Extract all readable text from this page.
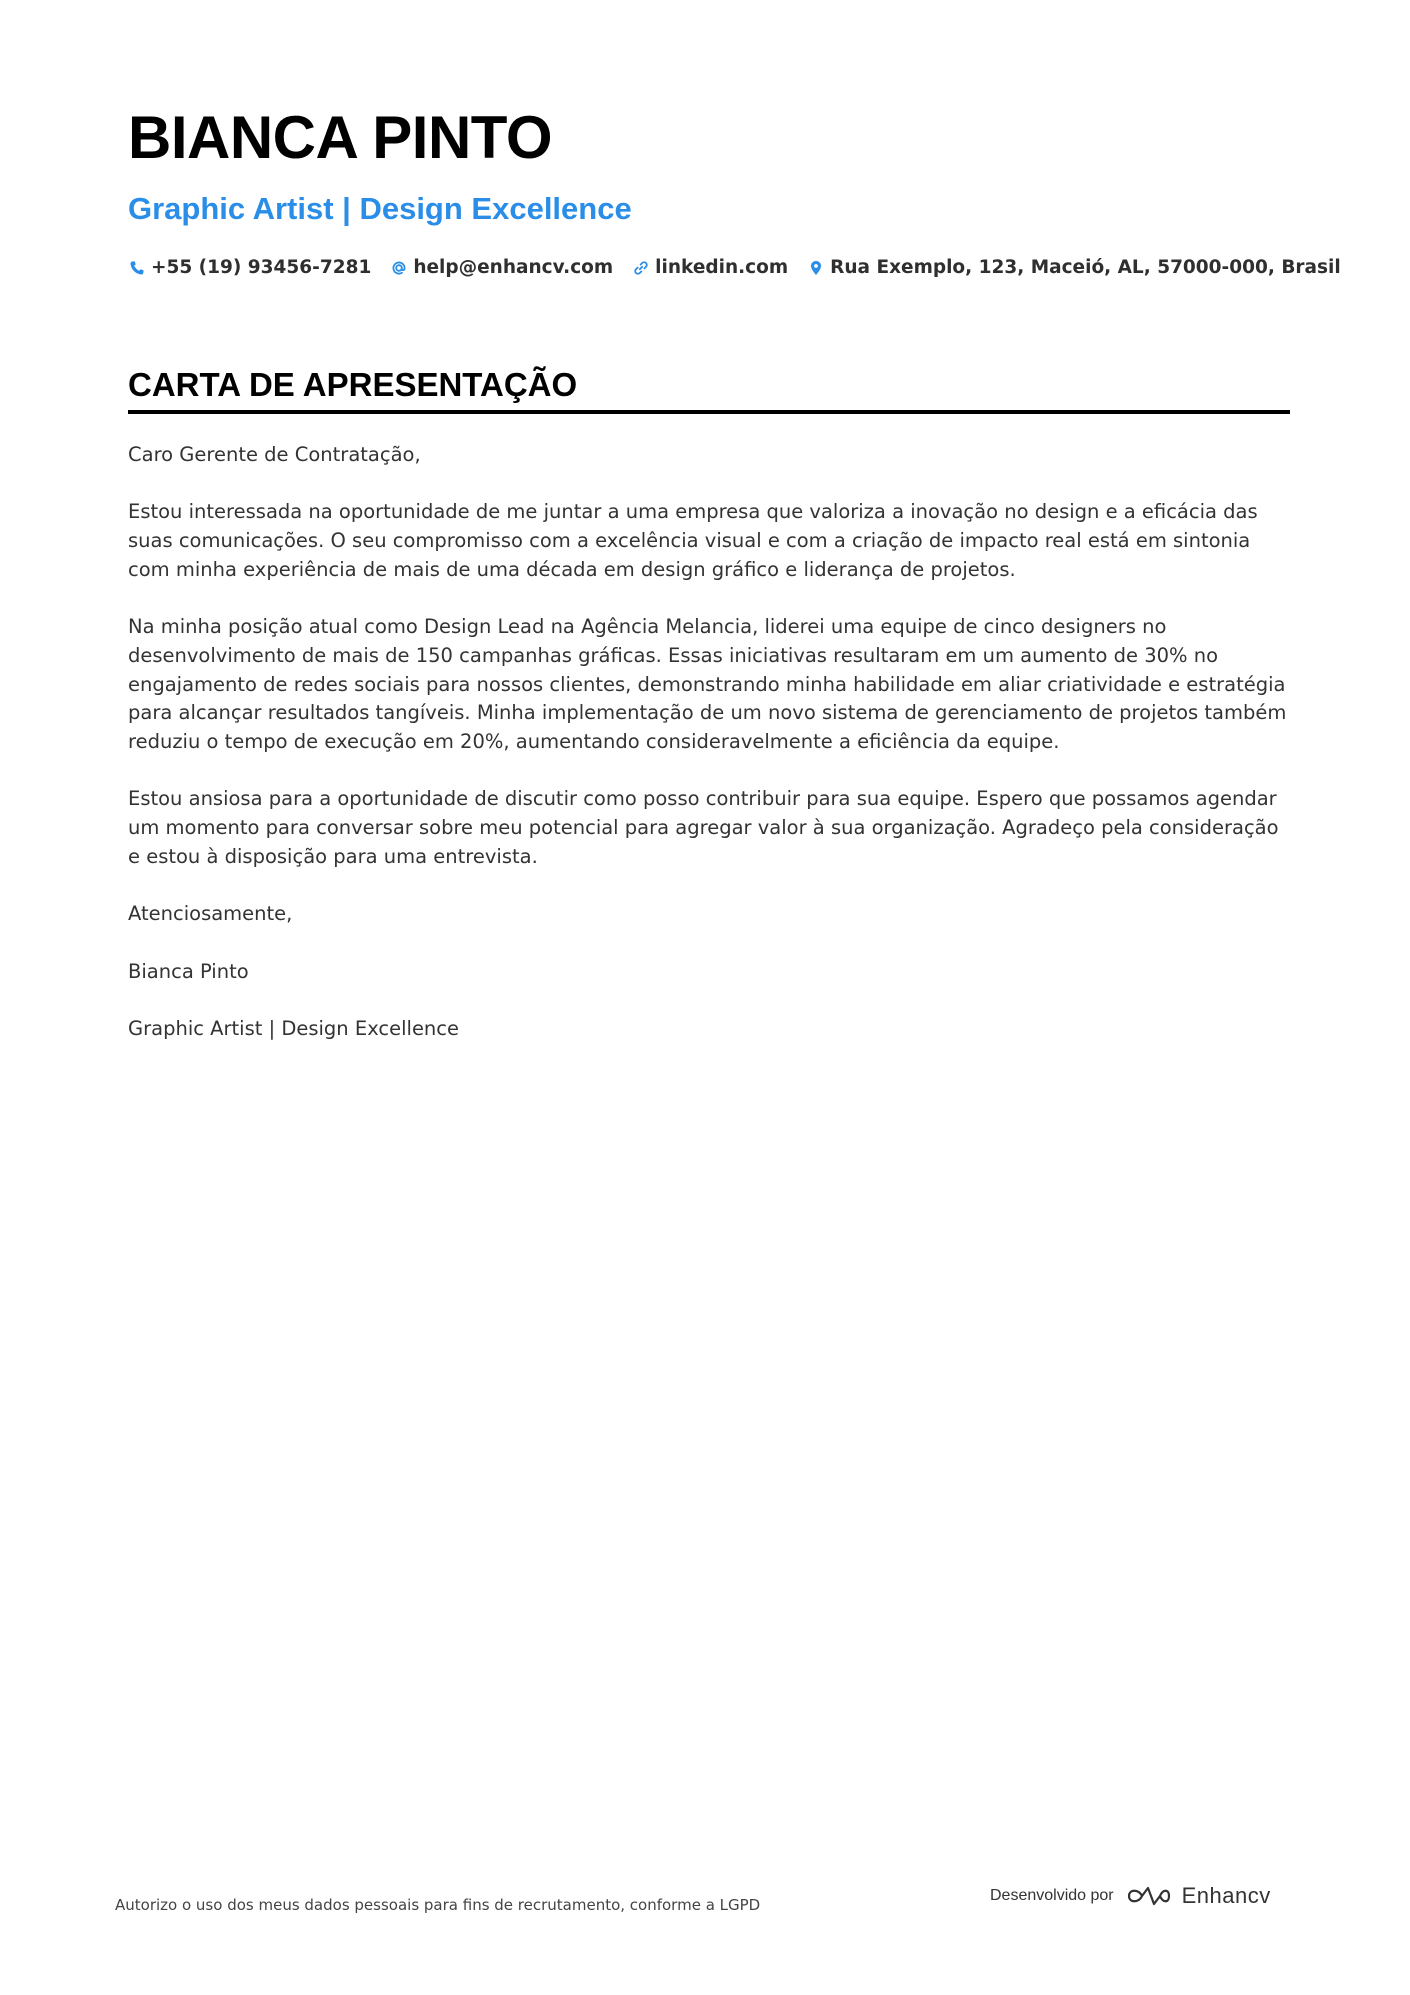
BIANCA PINTO
Graphic Artist | Design Excellence
+55 (19) 93456-7281 help@enhancv.com linkedin.com Rua Exemplo, 123, Maceió, AL, 57000-000, Brasil
CARTA DE APRESENTAÇÃO

Caro Gerente de Contratação,

Estou interessada na oportunidade de me juntar a uma empresa que valoriza a inovação no design e a eficácia das suas comunicações. O seu compromisso com a excelência visual e com a criação de impacto real está em sintonia com minha experiência de mais de uma década em design gráfico e liderança de projetos.

Na minha posição atual como Design Lead na Agência Melancia, liderei uma equipe de cinco designers no desenvolvimento de mais de 150 campanhas gráficas. Essas iniciativas resultaram em um aumento de 30% no engajamento de redes sociais para nossos clientes, demonstrando minha habilidade em aliar criatividade e estratégia para alcançar resultados tangíveis. Minha implementação de um novo sistema de gerenciamento de projetos também reduziu o tempo de execução em 20%, aumentando consideravelmente a eficiência da equipe.

Estou ansiosa para a oportunidade de discutir como posso contribuir para sua equipe. Espero que possamos agendar um momento para conversar sobre meu potencial para agregar valor à sua organização. Agradeço pela consideração e estou à disposição para uma entrevista.

Atenciosamente,

Bianca Pinto

Graphic Artist | Design Excellence

Autorizo o uso dos meus dados pessoais para fins de recrutamento, conforme a LGPD
Desenvolvido por	Enhancv
